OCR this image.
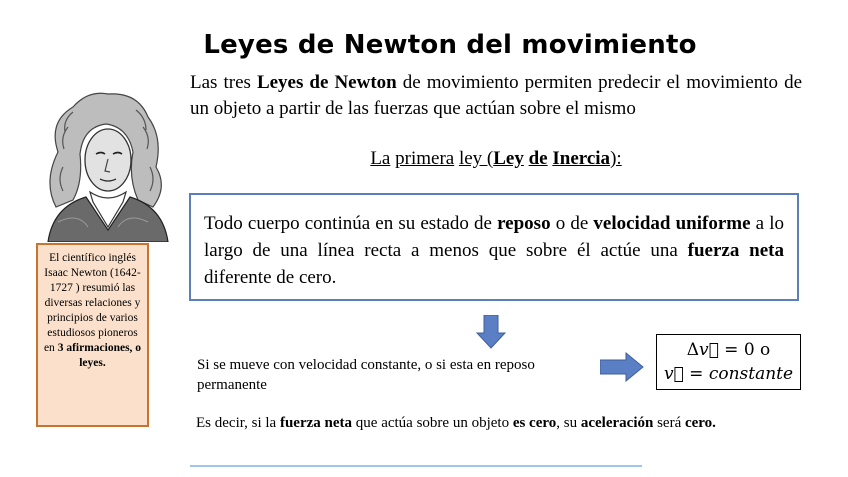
Leyes de Newton del movimiento
Las tres Leyes de Newton de movimiento permiten predecir el movimiento de un objeto a partir de las fuerzas que actúan sobre el mismo
La primera ley (Ley de Inercia):
Todo cuerpo continúa en su estado de reposo o de velocidad uniforme a lo largo de una línea recta a menos que sobre él actúe una fuerza neta diferente de cero.
El científico inglés Isaac Newton (1642-1727 ) resumió las diversas relaciones y principios de varios estudiosos pioneros en 3 afirmaciones, o leyes.	Si se mueve con velocidad constante, o si esta en reposo permanente
Δv⃗ = 0 o
v⃗ = constante
Es decir, si la fuerza neta que actúa sobre un objeto es cero, su aceleración será cero.
